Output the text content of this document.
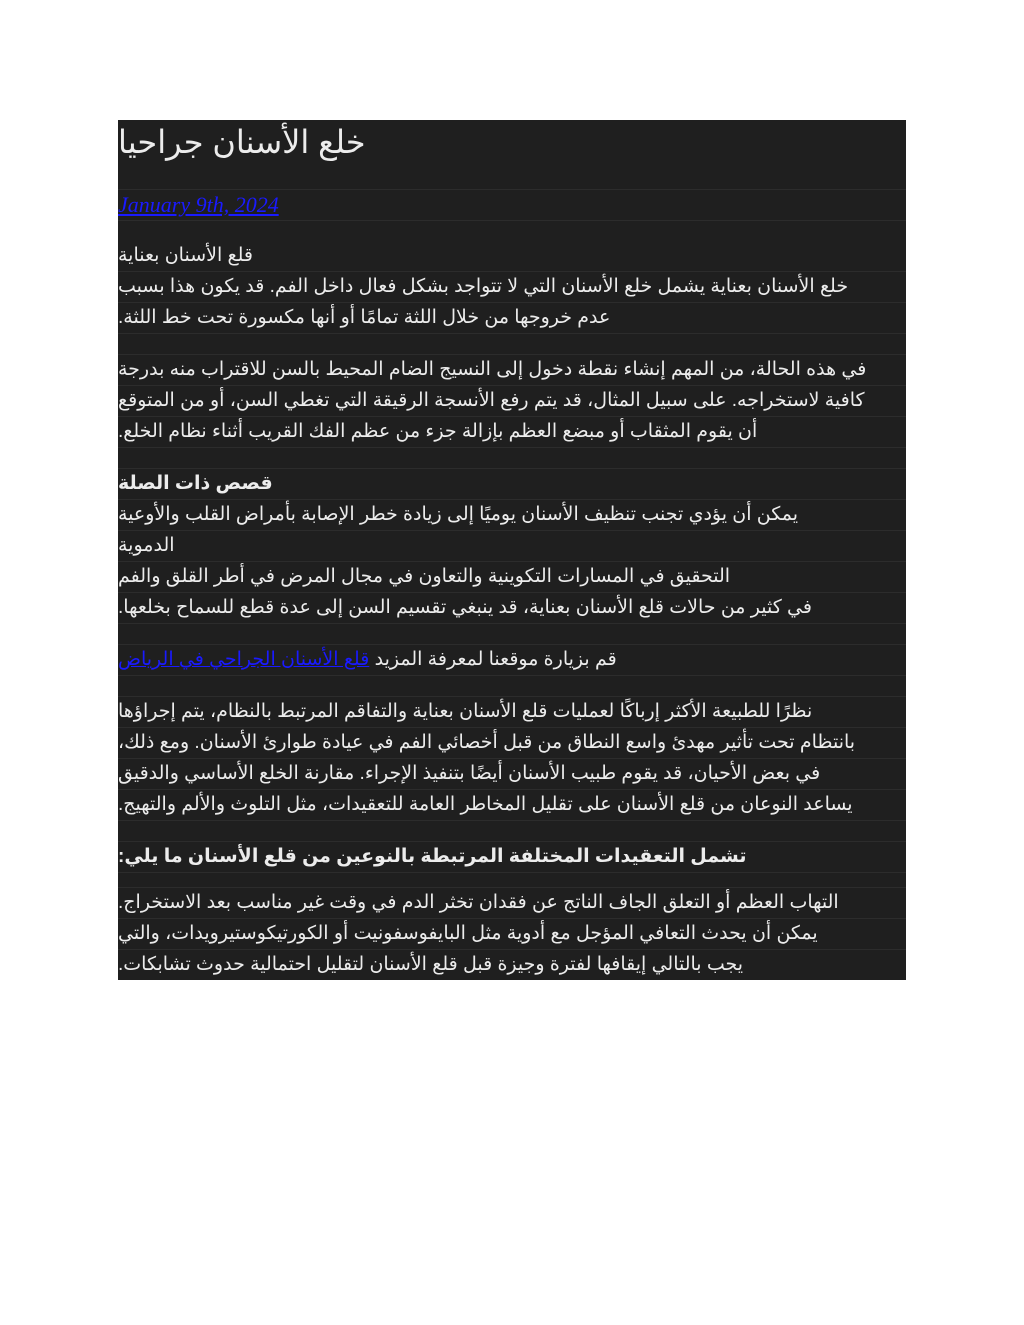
خلع الأسنان جراحيا
January 9th, 2024
قلع الأسنان بعناية
خلع الأسنان بعناية يشمل خلع الأسنان التي لا تتواجد بشكل فعال داخل الفم. قد يكون هذا بسبب
عدم خروجها من خلال اللثة تمامًا أو أنها مكسورة تحت خط اللثة.
في هذه الحالة، من المهم إنشاء نقطة دخول إلى النسيج الضام المحيط بالسن للاقتراب منه بدرجة
كافية لاستخراجه. على سبيل المثال، قد يتم رفع الأنسجة الرقيقة التي تغطي السن، أو من المتوقع
أن يقوم المثقاب أو مبضع العظم بإزالة جزء من عظم الفك القريب أثناء نظام الخلع.
قصص ذات الصلة
يمكن أن يؤدي تجنب تنظيف الأسنان يوميًا إلى زيادة خطر الإصابة بأمراض القلب والأوعية
الدموية
التحقيق في المسارات التكوينية والتعاون في مجال المرض في أطر القلق والفم
في كثير من حالات قلع الأسنان بعناية، قد ينبغي تقسيم السن إلى عدة قطع للسماح بخلعها.
قم بزيارة موقعنا لمعرفة المزيد قلع الأسنان الجراحي في الرياض
نظرًا للطبيعة الأكثر إرباكًا لعمليات قلع الأسنان بعناية والتفاقم المرتبط بالنظام، يتم إجراؤها
بانتظام تحت تأثير مهدئ واسع النطاق من قبل أخصائي الفم في عيادة طوارئ الأسنان. ومع ذلك،
في بعض الأحيان، قد يقوم طبيب الأسنان أيضًا بتنفيذ الإجراء. مقارنة الخلع الأساسي والدقيق
يساعد النوعان من قلع الأسنان على تقليل المخاطر العامة للتعقيدات، مثل التلوث والألم والتهيج.
تشمل التعقيدات المختلفة المرتبطة بالنوعين من قلع الأسنان ما يلي:
التهاب العظم أو التعلق الجاف الناتج عن فقدان تخثر الدم في وقت غير مناسب بعد الاستخراج.
يمكن أن يحدث التعافي المؤجل مع أدوية مثل البايفوسفونيت أو الكورتيكوستيرويدات، والتي
يجب بالتالي إيقافها لفترة وجيزة قبل قلع الأسنان لتقليل احتمالية حدوث تشابكات.
